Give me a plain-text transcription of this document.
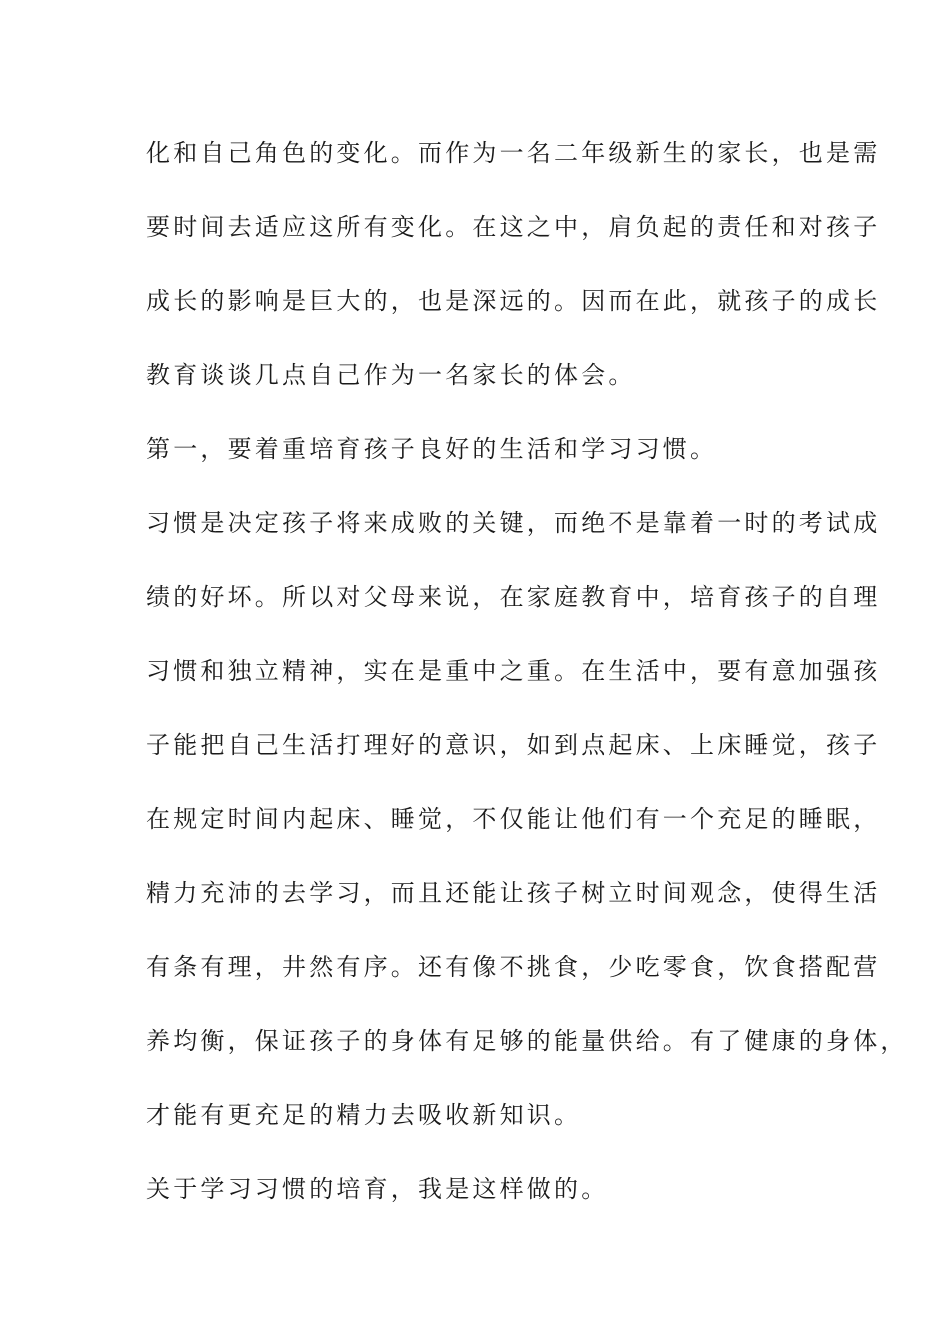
化和自己角色的变化。而作为一名二年级新生的家长，也是需
要时间去适应这所有变化。在这之中，肩负起的责任和对孩子
成长的影响是巨大的，也是深远的。因而在此，就孩子的成长
教育谈谈几点自己作为一名家长的体会。
第一，要着重培育孩子良好的生活和学习习惯。
习惯是决定孩子将来成败的关键，而绝不是靠着一时的考试成
绩的好坏。所以对父母来说，在家庭教育中，培育孩子的自理
习惯和独立精神，实在是重中之重。在生活中，要有意加强孩
子能把自己生活打理好的意识，如到点起床、上床睡觉，孩子
在规定时间内起床、睡觉，不仅能让他们有一个充足的睡眠，
精力充沛的去学习，而且还能让孩子树立时间观念，使得生活
有条有理，井然有序。还有像不挑食，少吃零食，饮食搭配营
养均衡，保证孩子的身体有足够的能量供给。有了健康的身体，
才能有更充足的精力去吸收新知识。
关于学习习惯的培育，我是这样做的。
